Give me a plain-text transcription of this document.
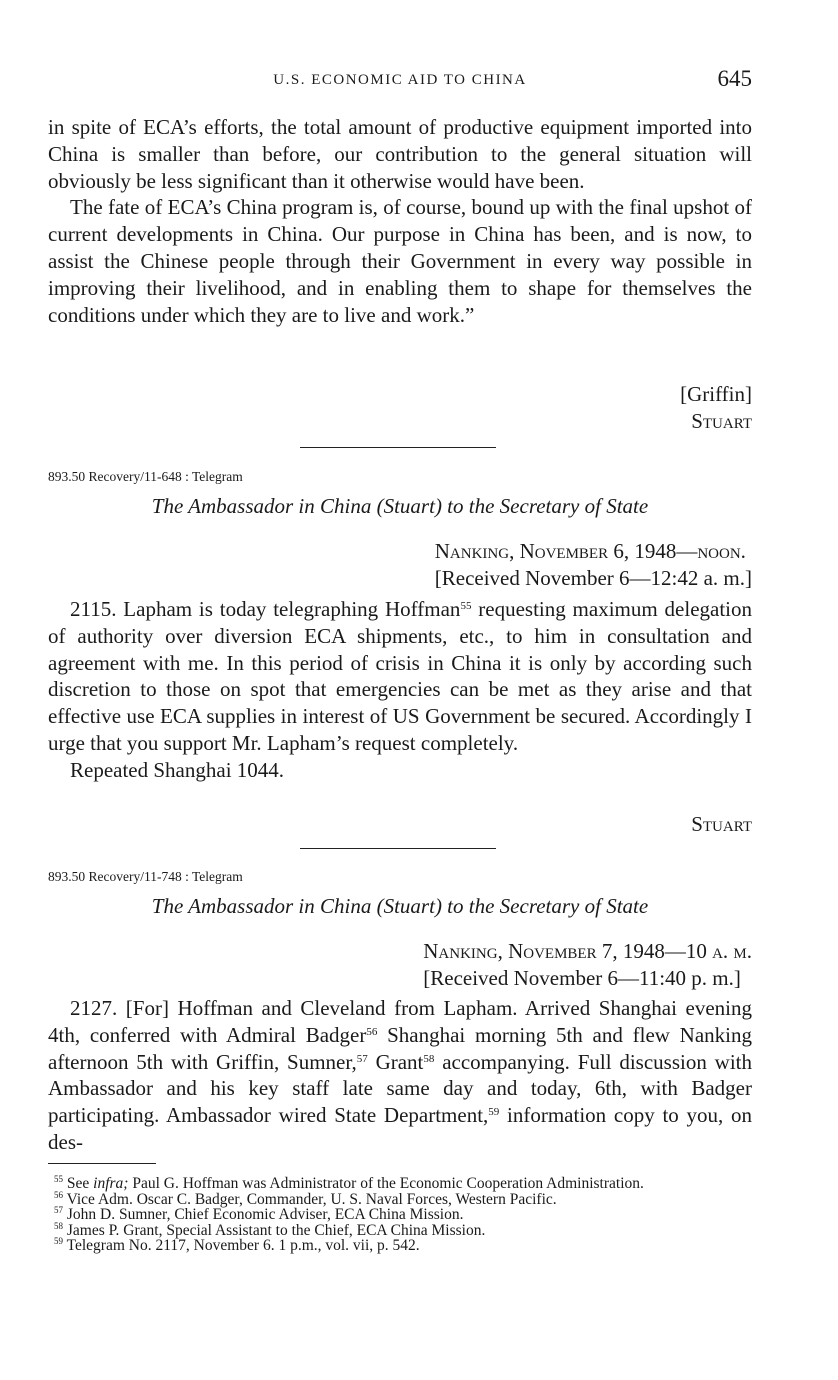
U.S. ECONOMIC AID TO CHINA	645

in spite of ECA’s efforts, the total amount of productive equipment imported into China is smaller than before, our contribution to the general situation will obviously be less significant than it otherwise would have been.

The fate of ECA’s China program is, of course, bound up with the final upshot of current developments in China. Our purpose in China has been, and is now, to assist the Chinese people through their Government in every way possible in improving their livelihood, and in enabling them to shape for themselves the conditions under which they are to live and work.”

[Griffin]
Stuart
893.50 Recovery/11-648 : Telegram
The Ambassador in China (Stuart) to the Secretary of State
Nanking, November 6, 1948—noon.
[Received November 6—12:42 a. m.]

2115. Lapham is today telegraphing Hoffman$^{55}$ requesting maximum delegation of authority over diversion ECA shipments, etc., to him in consultation and agreement with me. In this period of crisis in China it is only by according such discretion to those on spot that emergencies can be met as they arise and that effective use ECA supplies in interest of US Government be secured. Accordingly I urge that you support Mr. Lapham’s request completely.

Repeated Shanghai 1044.

Stuart
893.50 Recovery/11-748 : Telegram
The Ambassador in China (Stuart) to the Secretary of State
Nanking, November 7, 1948—10 a. m.
[Received November 6—11:40 p. m.]

2127. [For] Hoffman and Cleveland from Lapham. Arrived Shanghai evening 4th, conferred with Admiral Badger$^{56}$ Shanghai morning 5th and flew Nanking afternoon 5th with Griffin, Sumner,$^{57}$ Grant$^{58}$ accompanying. Full discussion with Ambassador and his key staff late same day and today, 6th, with Badger participating. Ambassador wired State Department,$^{59}$ information copy to you, on des-

$^{55}$ See infra; Paul G. Hoffman was Administrator of the Economic Cooperation Administration.

$^{56}$ Vice Adm. Oscar C. Badger, Commander, U. S. Naval Forces, Western Pacific.

$^{57}$ John D. Sumner, Chief Economic Adviser, ECA China Mission.

$^{58}$ James P. Grant, Special Assistant to the Chief, ECA China Mission.

$^{59}$ Telegram No. 2117, November 6. 1 p.m., vol. vii, p. 542.
